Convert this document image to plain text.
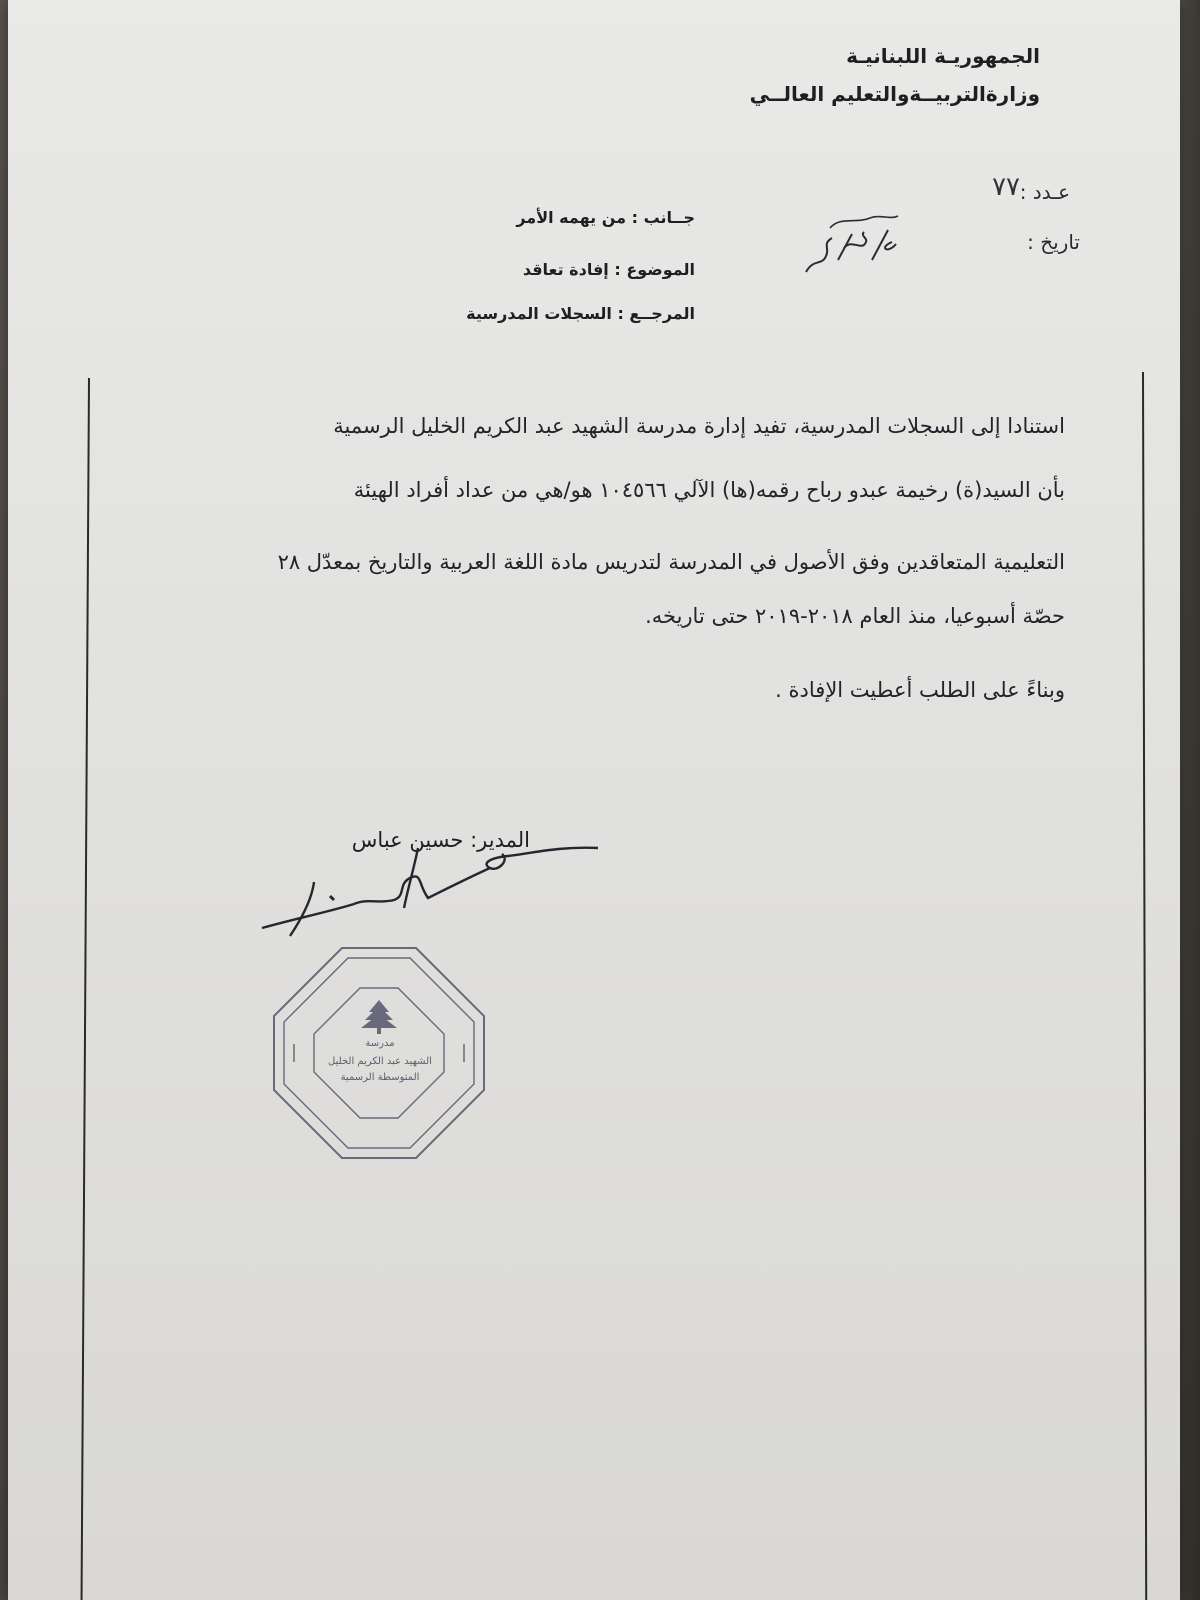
الجمهوريـة اللبنانيـة
وزارةالتربيــةوالتعليم العالــي
عـدد :
٧٧
تاريخ :
جــانب : من يهمه الأمر
الموضوع : إفادة تعاقد
المرجــع : السجلات المدرسية
استنادا إلى السجلات المدرسية، تفيد إدارة مدرسة الشهيد عبد الكريم الخليل الرسمية
بأن السيد(ة) رخيمة عبدو رباح رقمه(ها) الآلي ١٠٤٥٦٦ هو/هي من عداد أفراد الهيئة
التعليمية المتعاقدين وفق الأصول في المدرسة لتدريس مادة اللغة العربية والتاريخ بمعدّل ٢٨
حصّة أسبوعيا، منذ العام ٢٠١٨-٢٠١٩ حتى تاريخه.
وبناءً على الطلب أعطيت الإفادة .
المدير: حسين عباس
مدرسة
الشهيد عبد الكريم الخليل
المتوسطة الرسمية
